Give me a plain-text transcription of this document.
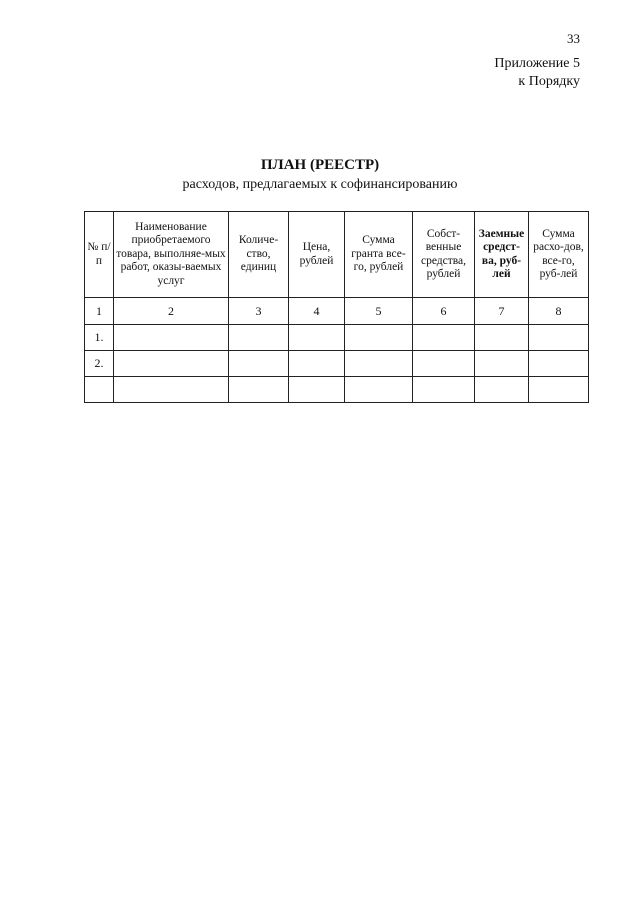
33
Приложение 5
к Порядку
ПЛАН (РЕЕСТР)
расходов, предлагаемых к софинансированию
№ п/п	Наименование приобретаемого товара, выполняе-мых работ, оказы-ваемых услуг	Количе-ство, единиц	Цена, рублей	Сумма гранта все-го, рублей	Собст-венные средства, рублей	Заемные средст-ва, руб-лей	Сумма расхо-дов, все-го, руб-лей
1	2	3	4	5	6	7	8
1.							
2.							
